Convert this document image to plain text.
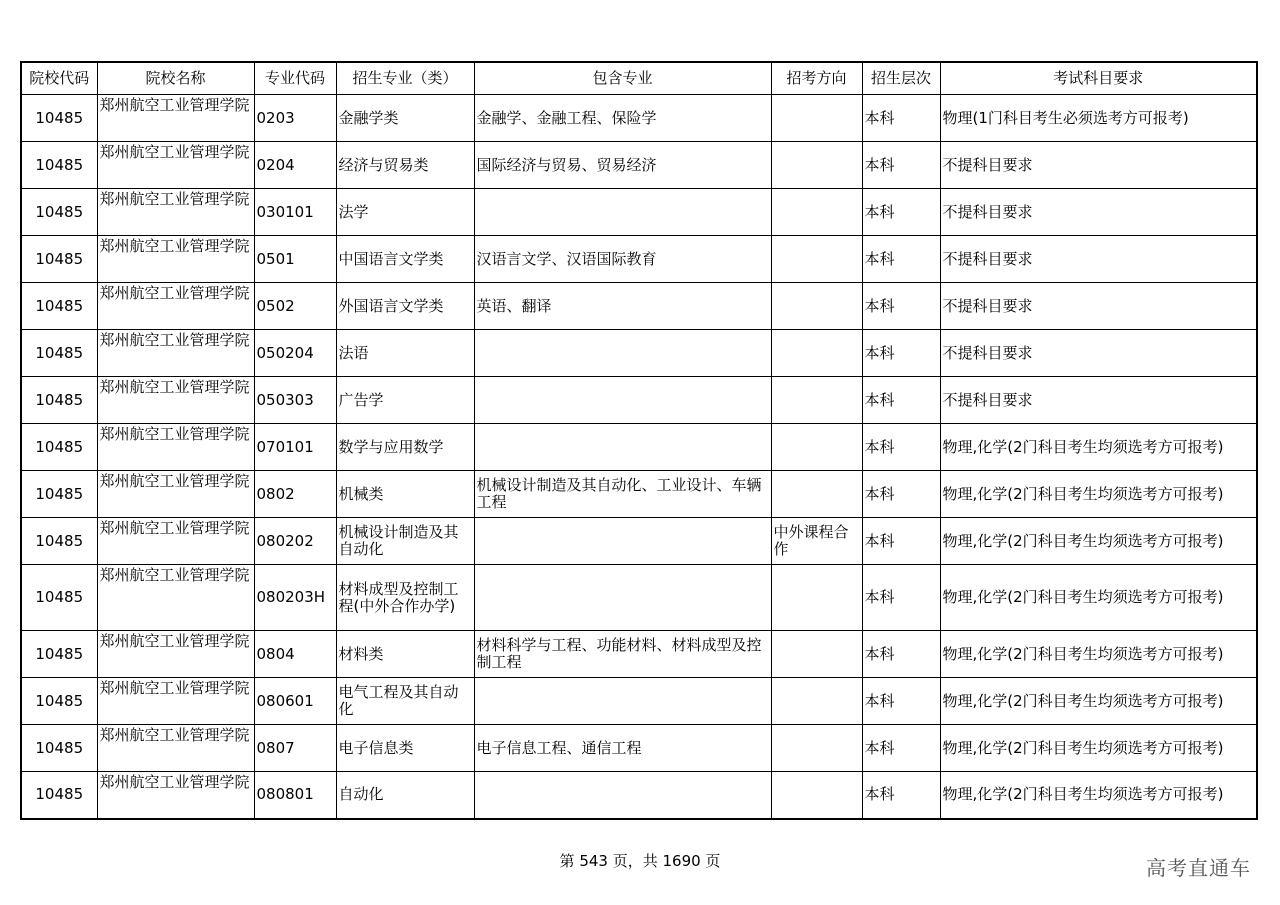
院校代码	院校名称	专业代码	招生专业（类）	包含专业	招考方向	招生层次	考试科目要求
10485	郑州航空工业管理学院	0203	金融学类	金融学、金融工程、保险学		本科	物理(1门科目考生必须选考方可报考)
10485	郑州航空工业管理学院	0204	经济与贸易类	国际经济与贸易、贸易经济		本科	不提科目要求
10485	郑州航空工业管理学院	030101	法学			本科	不提科目要求
10485	郑州航空工业管理学院	0501	中国语言文学类	汉语言文学、汉语国际教育		本科	不提科目要求
10485	郑州航空工业管理学院	0502	外国语言文学类	英语、翻译		本科	不提科目要求
10485	郑州航空工业管理学院	050204	法语			本科	不提科目要求
10485	郑州航空工业管理学院	050303	广告学			本科	不提科目要求
10485	郑州航空工业管理学院	070101	数学与应用数学			本科	物理,化学(2门科目考生均须选考方可报考)
10485	郑州航空工业管理学院	0802	机械类	机械设计制造及其自动化、工业设计、车辆工程		本科	物理,化学(2门科目考生均须选考方可报考)
10485	郑州航空工业管理学院	080202	机械设计制造及其自动化		中外课程合作	本科	物理,化学(2门科目考生均须选考方可报考)
10485	郑州航空工业管理学院	080203H	材料成型及控制工程(中外合作办学)			本科	物理,化学(2门科目考生均须选考方可报考)
10485	郑州航空工业管理学院	0804	材料类	材料科学与工程、功能材料、材料成型及控制工程		本科	物理,化学(2门科目考生均须选考方可报考)
10485	郑州航空工业管理学院	080601	电气工程及其自动化			本科	物理,化学(2门科目考生均须选考方可报考)
10485	郑州航空工业管理学院	0807	电子信息类	电子信息工程、通信工程		本科	物理,化学(2门科目考生均须选考方可报考)
10485	郑州航空工业管理学院	080801	自动化			本科	物理,化学(2门科目考生均须选考方可报考)
第 543 页，共 1690 页	高考直通车
